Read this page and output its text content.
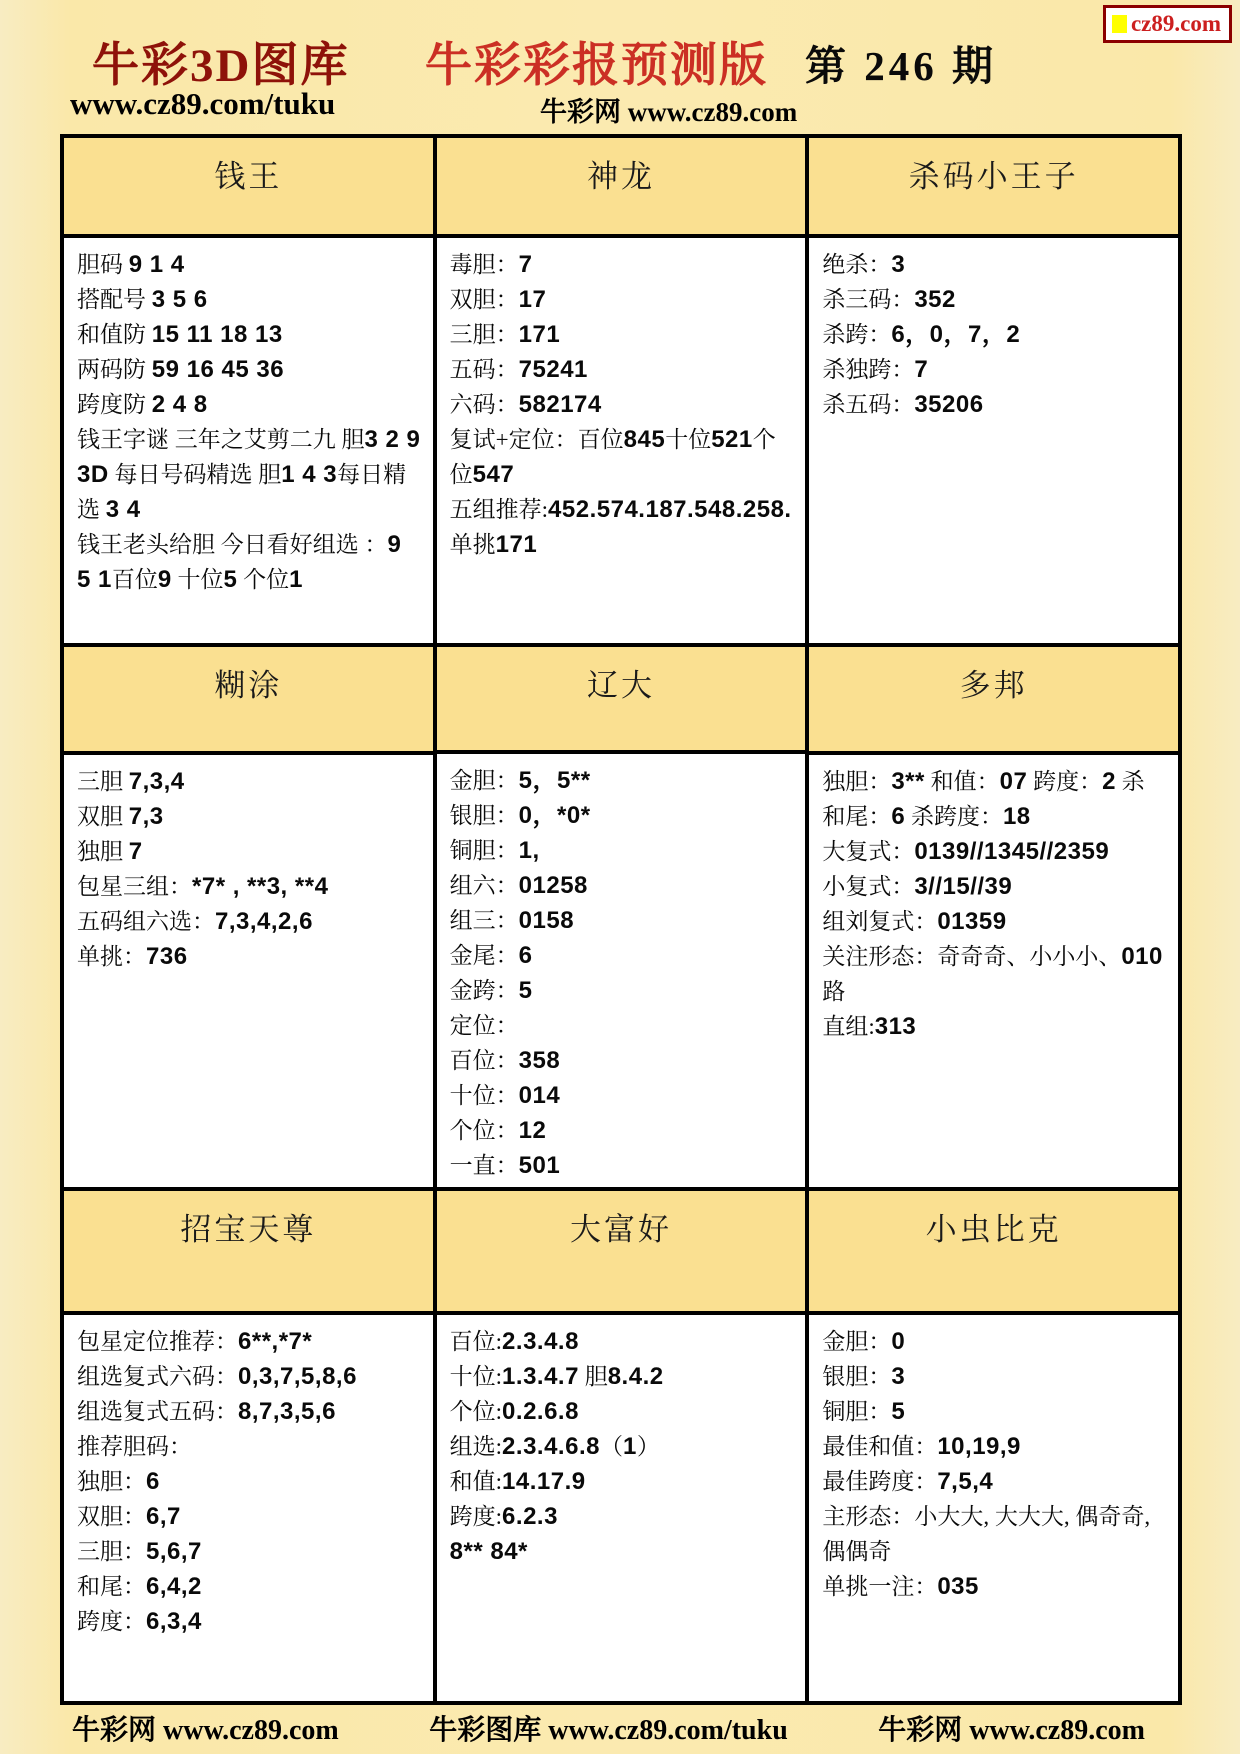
cz89.com
牛彩3D图库 牛彩彩报预测版 第 246 期
www.cz89.com/tuku	牛彩网 www.cz89.com
钱王
胆码 9 1 4
搭配号 3 5 6
和值防 15 11 18 13
两码防 59 16 45 36
跨度防 2 4 8
钱王字谜 三年之艾剪二九 胆3 2 9
3D 每日号码精选 胆1 4 3每日精选 3 4
钱王老头给胆 今日看好组选 ：9 5 1百位9 十位5 个位1
神龙
毒胆：7
双胆：17
三胆：171
五码：75241
六码：582174
复试+定位：百位845十位521个位547
五组推荐:452.574.187.548.258.单挑171
杀码小王子
绝杀：3
杀三码：352
杀跨：6，0，7，2
杀独跨：7
杀五码：35206
糊涂
三胆 7,3,4
双胆 7,3
独胆 7
包星三组：*7* , **3, **4
五码组六选：7,3,4,2,6
单挑：736
辽大
金胆：5，5**
银胆：0，*0*
铜胆：1,
组六：01258
组三：0158
金尾：6
金跨：5
定位：
百位：358
十位：014
个位：12
一直：501
多邦
独胆：3** 和值：07 跨度：2 杀和尾：6 杀跨度：18
大复式：0139//1345//2359
小复式：3//15//39
组刘复式：01359
关注形态：奇奇奇、小小小、010路
直组:313
招宝天尊
包星定位推荐：6**,*7*
组选复式六码：0,3,7,5,8,6
组选复式五码：8,7,3,5,6
推荐胆码：
独胆：6
双胆：6,7
三胆：5,6,7
和尾：6,4,2
跨度：6,3,4
大富好
百位:2.3.4.8
十位:1.3.4.7 胆8.4.2
个位:0.2.6.8
组选:2.3.4.6.8（1）
和值:14.17.9
跨度:6.2.3
8** 84*
小虫比克
金胆：0
银胆：3
铜胆：5
最佳和值：10,19,9
最佳跨度：7,5,4
主形态：小大大, 大大大, 偶奇奇, 偶偶奇
单挑一注：035
牛彩网 www.cz89.com	牛彩图库 www.cz89.com/tuku	牛彩网 www.cz89.com
